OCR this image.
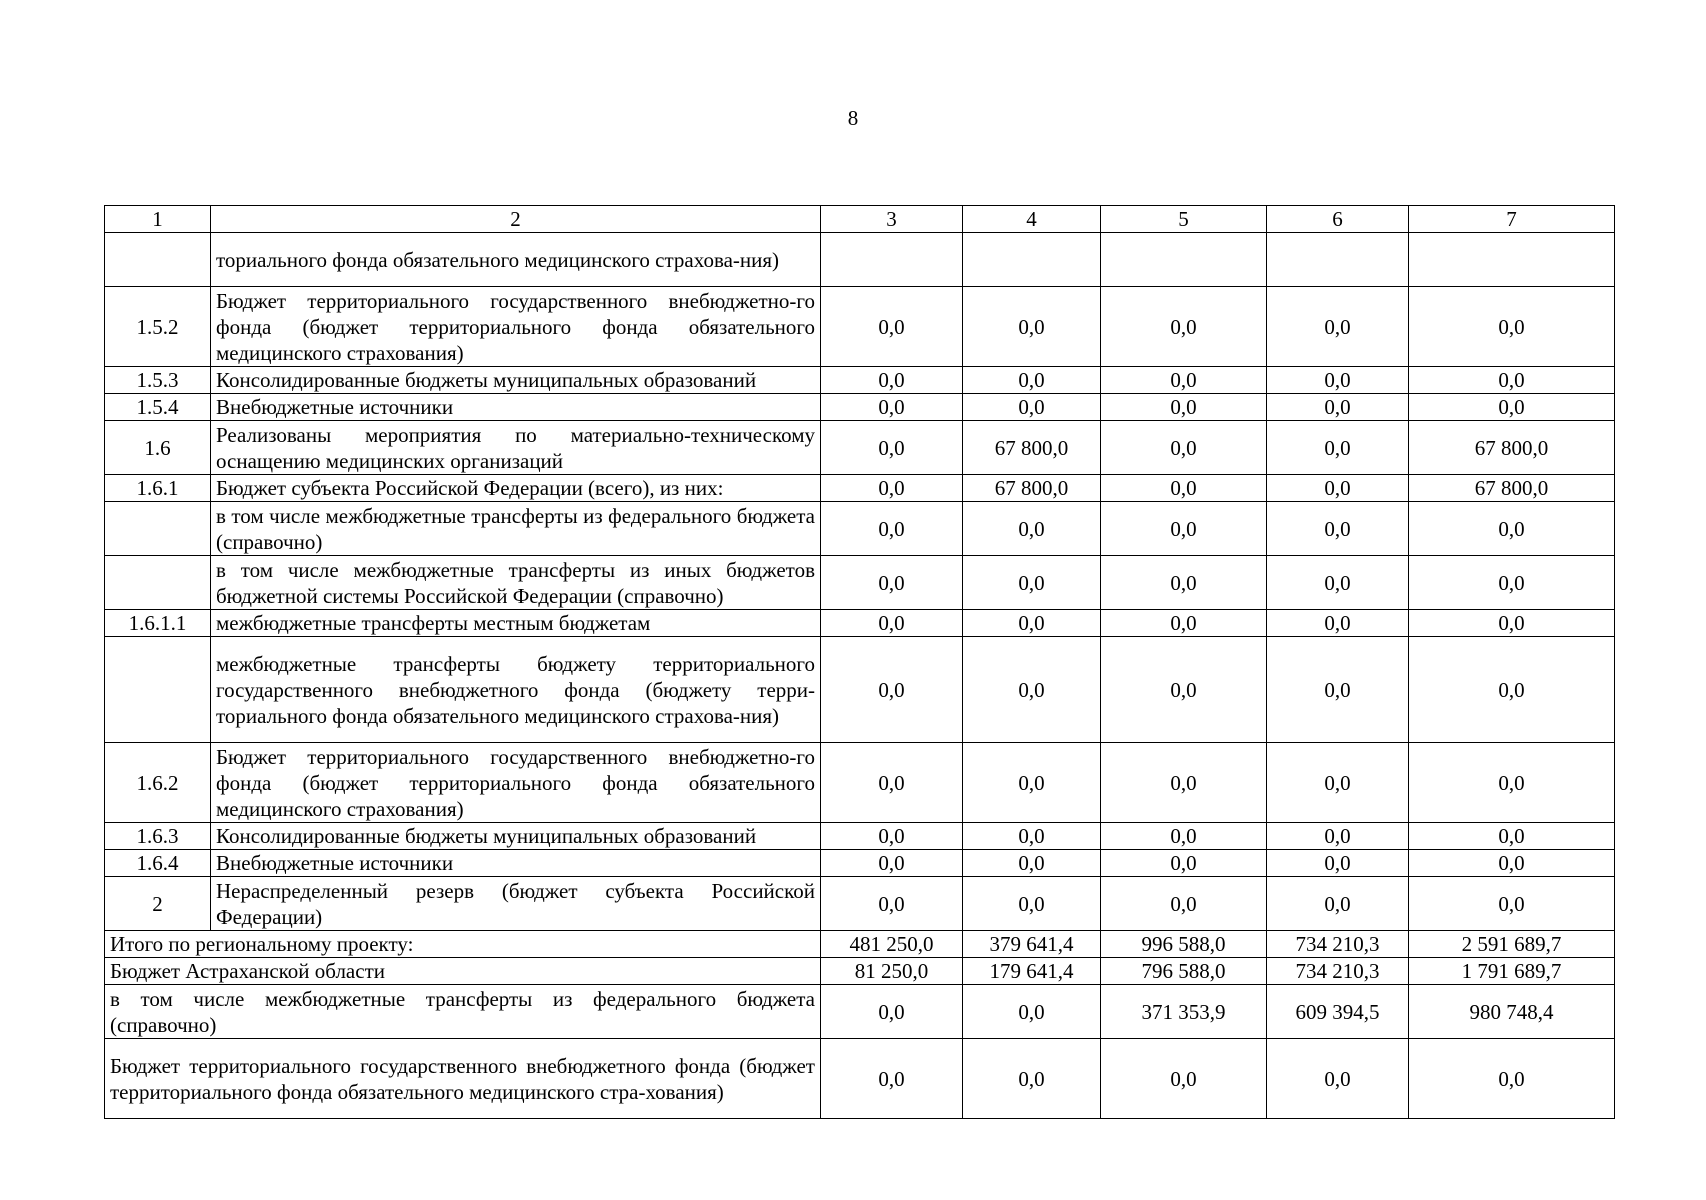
8
1	2	3	4	5	6	7
	ториального фонда обязательного медицинского страхова-ния)					
1.5.2	Бюджет территориального государственного внебюджетно-го фонда (бюджет территориального фонда обязательного медицинского страхования)	0,0	0,0	0,0	0,0	0,0
1.5.3	Консолидированные бюджеты муниципальных образований	0,0	0,0	0,0	0,0	0,0
1.5.4	Внебюджетные источники	0,0	0,0	0,0	0,0	0,0
1.6	Реализованы мероприятия по материально-техническому оснащению медицинских организаций	0,0	67 800,0	0,0	0,0	67 800,0
1.6.1	Бюджет субъекта Российской Федерации (всего), из них:	0,0	67 800,0	0,0	0,0	67 800,0
	в том числе межбюджетные трансферты из федерального бюджета (справочно)	0,0	0,0	0,0	0,0	0,0
	в том числе межбюджетные трансферты из иных бюджетов бюджетной системы Российской Федерации (справочно)	0,0	0,0	0,0	0,0	0,0
1.6.1.1	межбюджетные трансферты местным бюджетам	0,0	0,0	0,0	0,0	0,0
	межбюджетные трансферты бюджету территориального государственного внебюджетного фонда (бюджету терри-ториального фонда обязательного медицинского страхова-ния)	0,0	0,0	0,0	0,0	0,0
1.6.2	Бюджет территориального государственного внебюджетно-го фонда (бюджет территориального фонда обязательного медицинского страхования)	0,0	0,0	0,0	0,0	0,0
1.6.3	Консолидированные бюджеты муниципальных образований	0,0	0,0	0,0	0,0	0,0
1.6.4	Внебюджетные источники	0,0	0,0	0,0	0,0	0,0
2	Нераспределенный резерв (бюджет субъекта Российской Федерации)	0,0	0,0	0,0	0,0	0,0
Итого по региональному проекту:		481 250,0	379 641,4	996 588,0	734 210,3	2 591 689,7
Бюджет Астраханской области		81 250,0	179 641,4	796 588,0	734 210,3	1 791 689,7
в том числе межбюджетные трансферты из федерального бюджета (справочно)		0,0	0,0	371 353,9	609 394,5	980 748,4
Бюджет территориального государственного внебюджетного фонда (бюджет территориального фонда обязательного медицинского стра-хования)		0,0	0,0	0,0	0,0	0,0
